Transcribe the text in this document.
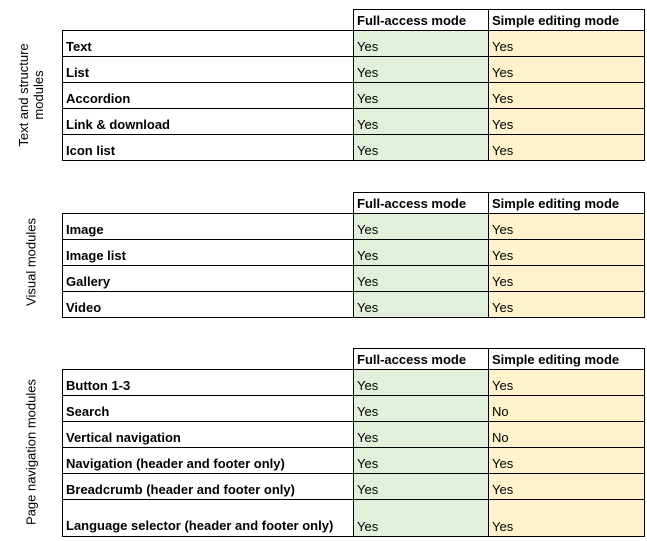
Text and structure modules
	Full-access mode	Simple editing mode
Text	Yes	Yes
List	Yes	Yes
Accordion	Yes	Yes
Link & download	Yes	Yes
Icon list	Yes	Yes
Visual modules
	Full-access mode	Simple editing mode
Image	Yes	Yes
Image list	Yes	Yes
Gallery	Yes	Yes
Video	Yes	Yes
Page navigation modules
	Full-access mode	Simple editing mode
Button 1-3	Yes	Yes
Search	Yes	No
Vertical navigation	Yes	No
Navigation (header and footer only)	Yes	Yes
Breadcrumb (header and footer only)	Yes	Yes
Language selector (header and footer only)	Yes	Yes
